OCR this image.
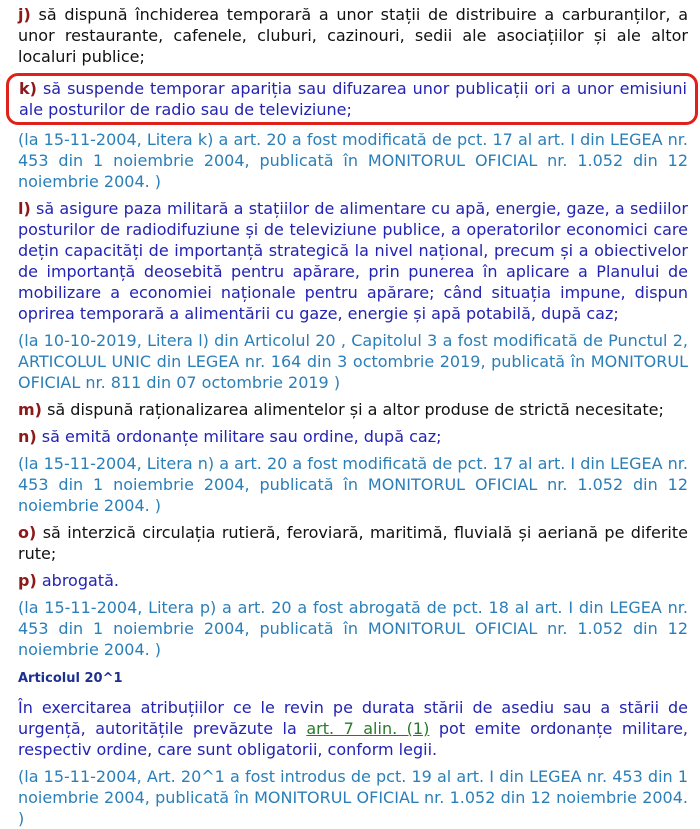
j) să dispună închiderea temporară a unor stații de distribuire a carburanților, a unor restaurante, cafenele, cluburi, cazinouri, sedii ale asociațiilor și ale altor localuri publice;

k) să suspende temporar apariția sau difuzarea unor publicații ori a unor emisiuni ale posturilor de radio sau de televiziune;

(la 15-11-2004, Litera k) a art. 20 a fost modificată de pct. 17 al art. I din LEGEA nr. 453 din 1 noiembrie 2004, publicată în MONITORUL OFICIAL nr. 1.052 din 12 noiembrie 2004. )

l) să asigure paza militară a stațiilor de alimentare cu apă, energie, gaze, a sediilor posturilor de radiodifuziune și de televiziune publice, a operatorilor economici care dețin capacități de importanță strategică la nivel național, precum și a obiectivelor de importanță deosebită pentru apărare, prin punerea în aplicare a Planului de mobilizare a economiei naționale pentru apărare; când situația impune, dispun oprirea temporară a alimentării cu gaze, energie și apă potabilă, după caz;

(la 10-10-2019, Litera l) din Articolul 20 , Capitolul 3 a fost modificată de Punctul 2, ARTICOLUL UNIC din LEGEA nr. 164 din 3 octombrie 2019, publicată în MONITORUL OFICIAL nr. 811 din 07 octombrie 2019 )

m) să dispună raționalizarea alimentelor și a altor produse de strictă necesitate;

n) să emită ordonanțe militare sau ordine, după caz;

(la 15-11-2004, Litera n) a art. 20 a fost modificată de pct. 17 al art. I din LEGEA nr. 453 din 1 noiembrie 2004, publicată în MONITORUL OFICIAL nr. 1.052 din 12 noiembrie 2004. )

o) să interzică circulația rutieră, feroviară, maritimă, fluvială și aeriană pe diferite rute;

p) abrogată.

(la 15-11-2004, Litera p) a art. 20 a fost abrogată de pct. 18 al art. I din LEGEA nr. 453 din 1 noiembrie 2004, publicată în MONITORUL OFICIAL nr. 1.052 din 12 noiembrie 2004. )

Articolul 20^1

În exercitarea atribuțiilor ce le revin pe durata stării de asediu sau a stării de urgență, autoritățile prevăzute la art. 7 alin. (1) pot emite ordonanțe militare, respectiv ordine, care sunt obligatorii, conform legii.

(la 15-11-2004, Art. 20^1 a fost introdus de pct. 19 al art. I din LEGEA nr. 453 din 1 noiembrie 2004, publicată în MONITORUL OFICIAL nr. 1.052 din 12 noiembrie 2004. )
